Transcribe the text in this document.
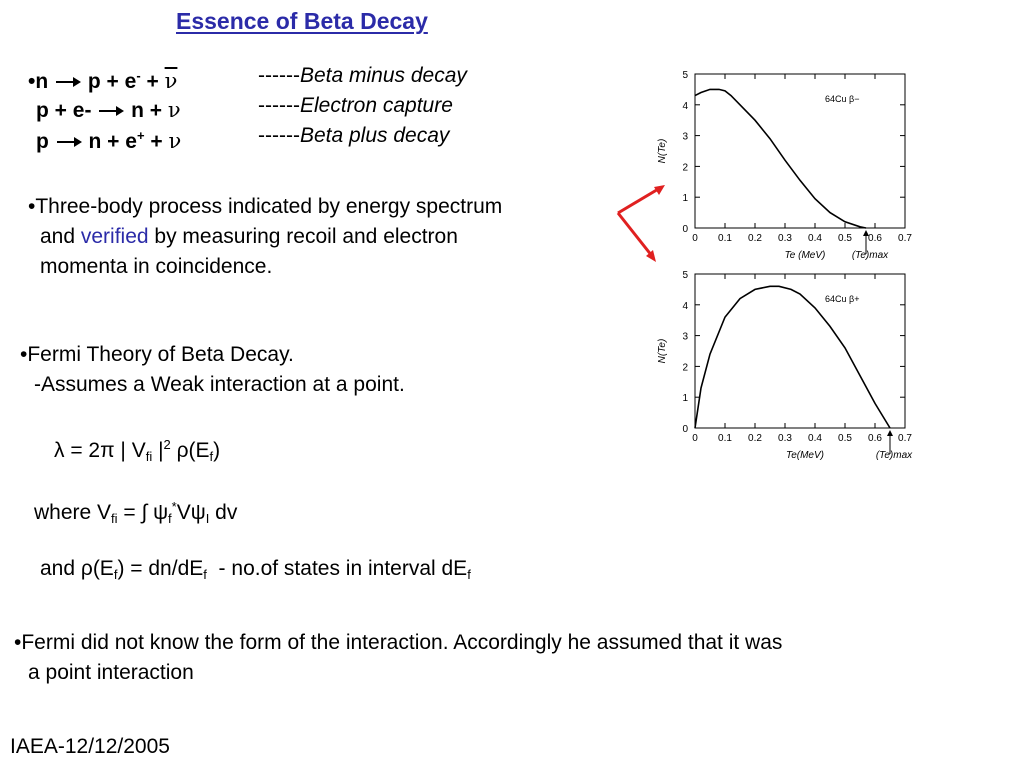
Essence of Beta Decay
•n $p + e^- + \overline{\nu}$
p + e- n + ν
p n + e+ + ν
------Beta minus decay
------Electron capture
------Beta plus decay
•Three-body process indicated by energy spectrum
and verified by measuring recoil and electron
momenta in coincidence.
0 0.1 0.2 0.3 0.4 0.5 0.6 0.7
0
1
2
3
4
5
Te (MeV)	(Te)max
N(Te)
64Cu β−
0 0.1 0.2 0.3 0.4 0.5 0.6 0.7
0
1
2
3
4
5
Te(MeV)	(Te)max
N(Te)
64Cu β+
•Fermi Theory of Beta Decay.
-Assumes a Weak interaction at a point.
λ = 2π | $V_{fi}$ $|^2$ $\rho(E_f)$
where $V_{fi}$ = ∫ $\psi_f^*V\psi_I$ dv
and $\rho(E_f) = dn/dE_f - no.of$ states in interval $dE_f$
•Fermi did not know the form of the interaction. Accordingly he assumed that it was
a point interaction
IAEA-12/12/2005
